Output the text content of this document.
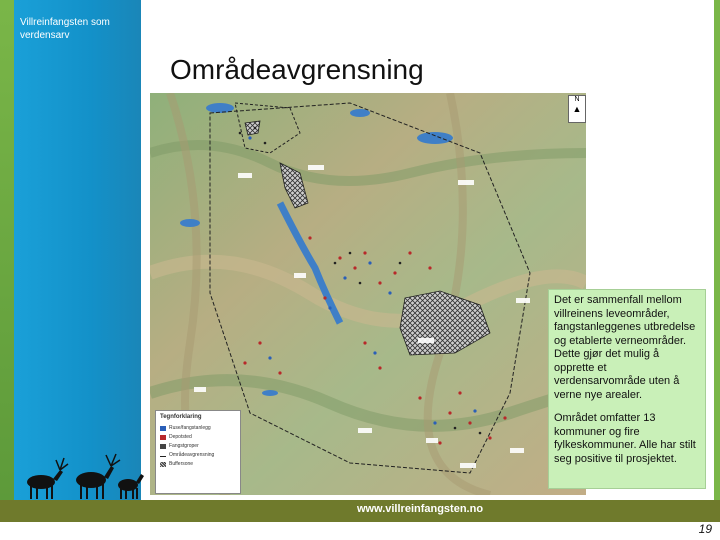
Villreinfangsten som verdensarv
Områdeavgrensning
N
▲
Tegnforklaring
Ruse/fangstanlegg
Depotsted
Fangstgroper
Områdeavgrensning
Buffersone

Det er sammenfall mellom villreinens leveområder, fangstanleggenes utbredelse og etablerte verneområder. Dette gjør det mulig å opprette et verdensarvområde uten å verne nye arealer.

Området omfatter 13 kommuner og fire fylkeskommuner. Alle har stilt seg positive til prosjektet.

www.villreinfangsten.no
19
